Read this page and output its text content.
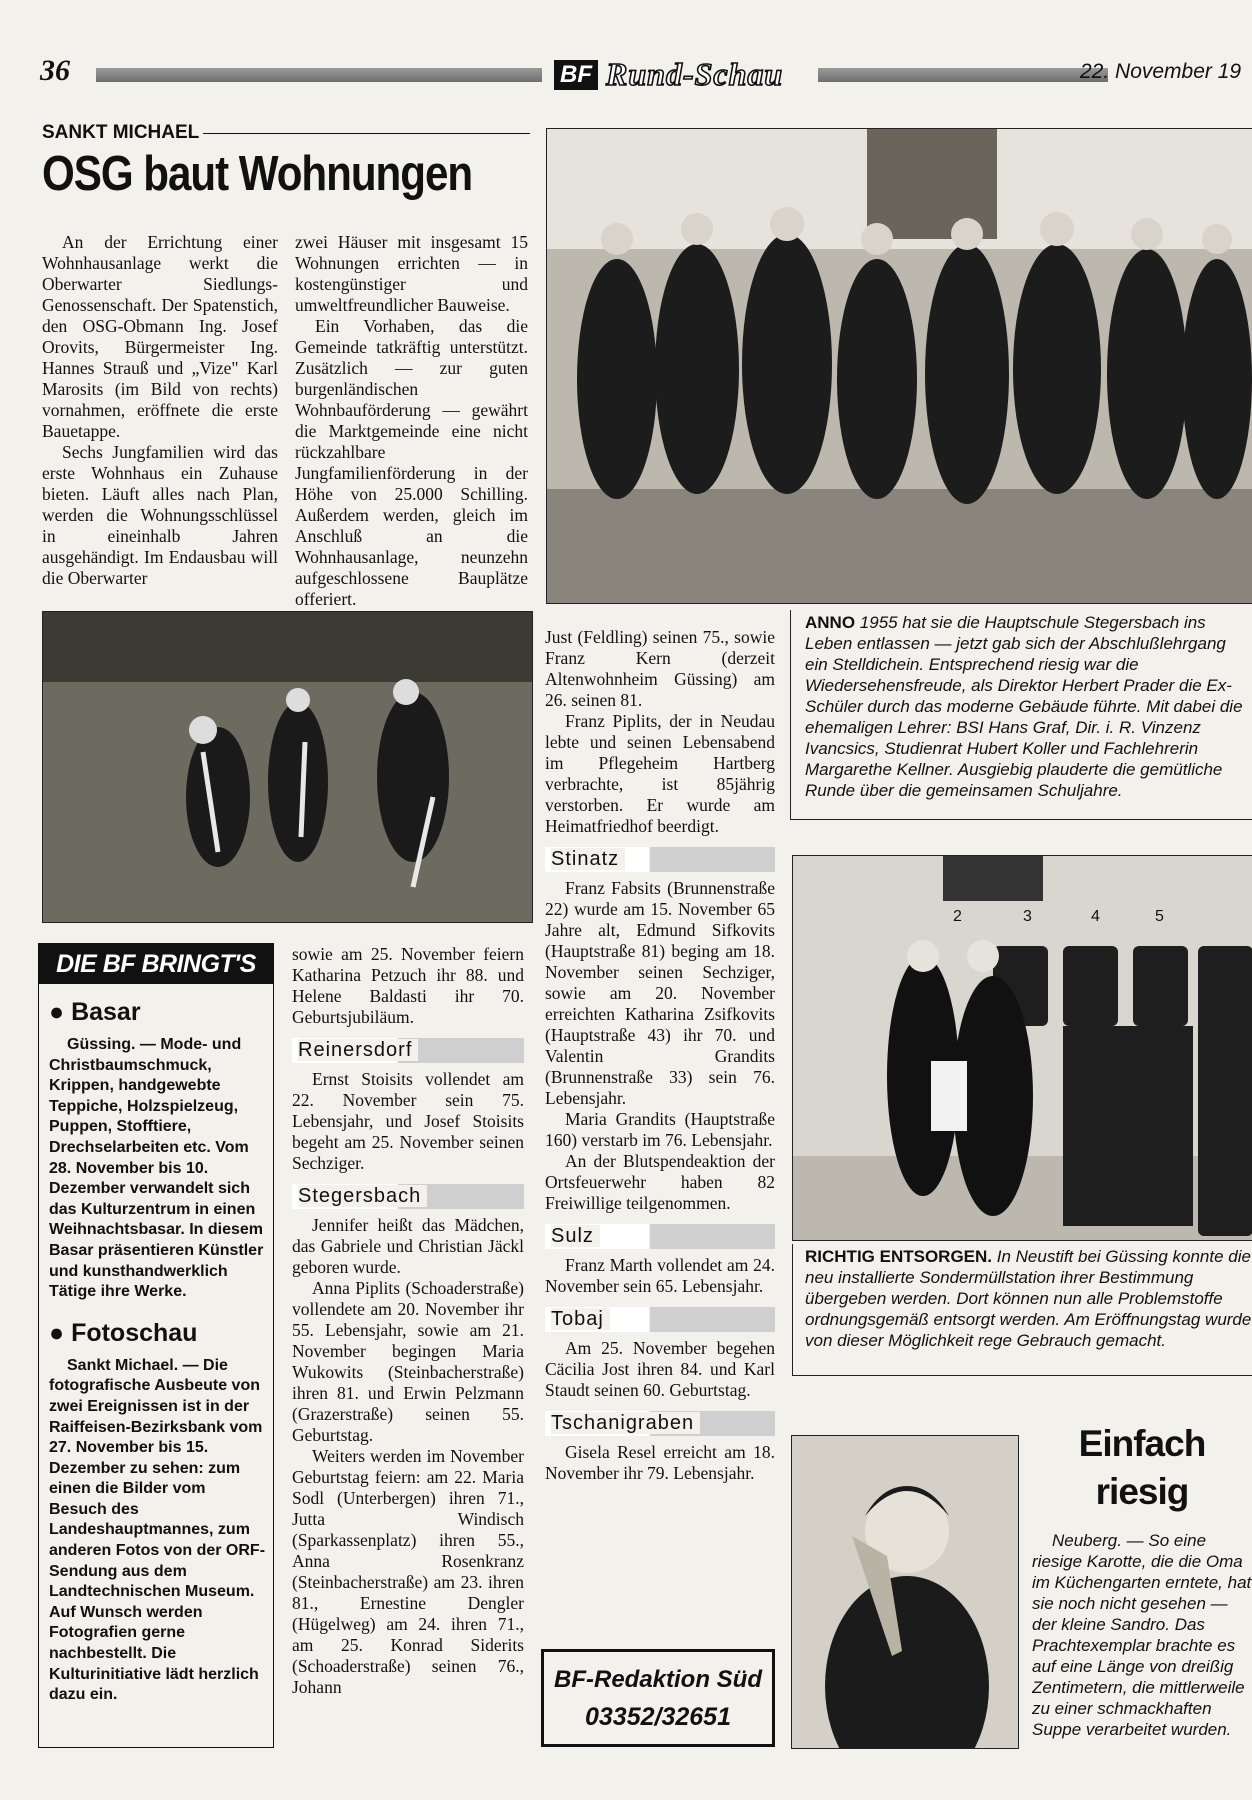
36	BF Rund-Schau	22. November 19
SANKT MICHAEL
OSG baut Wohnungen

An der Errichtung einer Wohnhausanlage werkt die Oberwarter Siedlungs-Genossenschaft. Der Spatenstich, den OSG-Obmann Ing. Josef Orovits, Bürgermeister Ing. Hannes Strauß und „Vize" Karl Marosits (im Bild von rechts) vornahmen, eröffnete die erste Bauetappe.

Sechs Jungfamilien wird das erste Wohnhaus ein Zuhause bieten. Läuft alles nach Plan, werden die Wohnungsschlüssel in eineinhalb Jahren ausgehändigt. Im Endausbau will die Oberwarter

zwei Häuser mit insgesamt 15 Wohnungen errichten — in kostengünstiger und umweltfreundlicher Bauweise.

Ein Vorhaben, das die Gemeinde tatkräftig unterstützt. Zusätzlich — zur guten burgenländischen Wohnbauförderung — gewährt die Marktgemeinde eine nicht rückzahlbare Jungfamilienförderung in der Höhe von 25.000 Schilling. Außerdem werden, gleich im Anschluß an die Wohnhausanlage, neunzehn aufgeschlossene Bauplätze offeriert.

ANNO 1955 hat sie die Hauptschule Stegersbach ins Leben entlassen — jetzt gab sich der Abschlußlehrgang ein Stelldichein. Entsprechend riesig war die Wiedersehensfreude, als Direktor Herbert Prader die Ex-Schüler durch das moderne Gebäude führte. Mit dabei die ehemaligen Lehrer: BSI Hans Graf, Dir. i. R. Vinzenz Ivancsics, Studienrat Hubert Koller und Fachlehrerin Margarethe Kellner. Ausgiebig plauderte die gemütliche Runde über die gemeinsamen Schuljahre.
DIE BF BRINGT'S
● Basar

Güssing. — Mode- und Christbaumschmuck, Krippen, handgewebte Teppiche, Holzspielzeug, Puppen, Stofftiere, Drechselarbeiten etc. Vom 28. November bis 10. Dezember verwandelt sich das Kulturzentrum in einen Weihnachtsbasar. In diesem Basar präsentieren Künstler und kunsthandwerklich Tätige ihre Werke.

● Fotoschau

Sankt Michael. — Die fotografische Ausbeute von zwei Ereignissen ist in der Raiffeisen-Bezirksbank vom 27. November bis 15. Dezember zu sehen: zum einen die Bilder vom Besuch des Landeshauptmannes, zum anderen Fotos von der ORF-Sendung aus dem Landtechnischen Museum. Auf Wunsch werden Fotografien gerne nachbestellt. Die Kulturinitiative lädt herzlich dazu ein.

sowie am 25. November feiern Katharina Petzuch ihr 88. und Helene Baldasti ihr 70. Geburtsjubiläum.

Reinersdorf

Ernst Stoisits vollendet am 22. November sein 75. Lebensjahr, und Josef Stoisits begeht am 25. November seinen Sechziger.

Stegersbach

Jennifer heißt das Mädchen, das Gabriele und Christian Jäckl geboren wurde.

Anna Piplits (Schoaderstraße) vollendete am 20. November ihr 55. Lebensjahr, sowie am 21. November begingen Maria Wukowits (Steinbacherstraße) ihren 81. und Erwin Pelzmann (Grazerstraße) seinen 55. Geburtstag.

Weiters werden im November Geburtstag feiern: am 22. Maria Sodl (Unterbergen) ihren 71., Jutta Windisch (Sparkassenplatz) ihren 55., Anna Rosenkranz (Steinbacherstraße) am 23. ihren 81., Ernestine Dengler (Hügelweg) am 24. ihren 71., am 25. Konrad Siderits (Schoaderstraße) seinen 76., Johann

Just (Feldling) seinen 75., sowie Franz Kern (derzeit Altenwohnheim Güssing) am 26. seinen 81.

Franz Piplits, der in Neudau lebte und seinen Lebensabend im Pflegeheim Hartberg verbrachte, ist 85jährig verstorben. Er wurde am Heimatfriedhof beerdigt.

Stinatz

Franz Fabsits (Brunnenstraße 22) wurde am 15. November 65 Jahre alt, Edmund Sifkovits (Hauptstraße 81) beging am 18. November seinen Sechziger, sowie am 20. November erreichten Katharina Zsifkovits (Hauptstraße 43) ihr 70. und Valentin Grandits (Brunnenstraße 33) sein 76. Lebensjahr.

Maria Grandits (Hauptstraße 160) verstarb im 76. Lebensjahr.

An der Blutspendeaktion der Ortsfeuerwehr haben 82 Freiwillige teilgenommen.

Sulz

Franz Marth vollendet am 24. November sein 65. Lebensjahr.

Tobaj

Am 25. November begehen Cäcilia Jost ihren 84. und Karl Staudt seinen 60. Geburtstag.

Tschanigraben

Gisela Resel erreicht am 18. November ihr 79. Lebensjahr.

BF-Redaktion Süd
03352/32651
2	3	4	5
RICHTIG ENTSORGEN. In Neustift bei Güssing konnte die neu installierte Sondermüllstation ihrer Bestimmung übergeben werden. Dort können nun alle Problemstoffe ordnungsgemäß entsorgt werden. Am Eröffnungstag wurde von dieser Möglichkeit rege Gebrauch gemacht.
Einfach
riesig
Neuberg. — So eine riesige Karotte, die die Oma im Küchengarten erntete, hat sie noch nicht gesehen — der kleine Sandro. Das Prachtexemplar brachte es auf eine Länge von dreißig Zentimetern, die mittlerweile zu einer schmackhaften Suppe verarbeitet wurden.
